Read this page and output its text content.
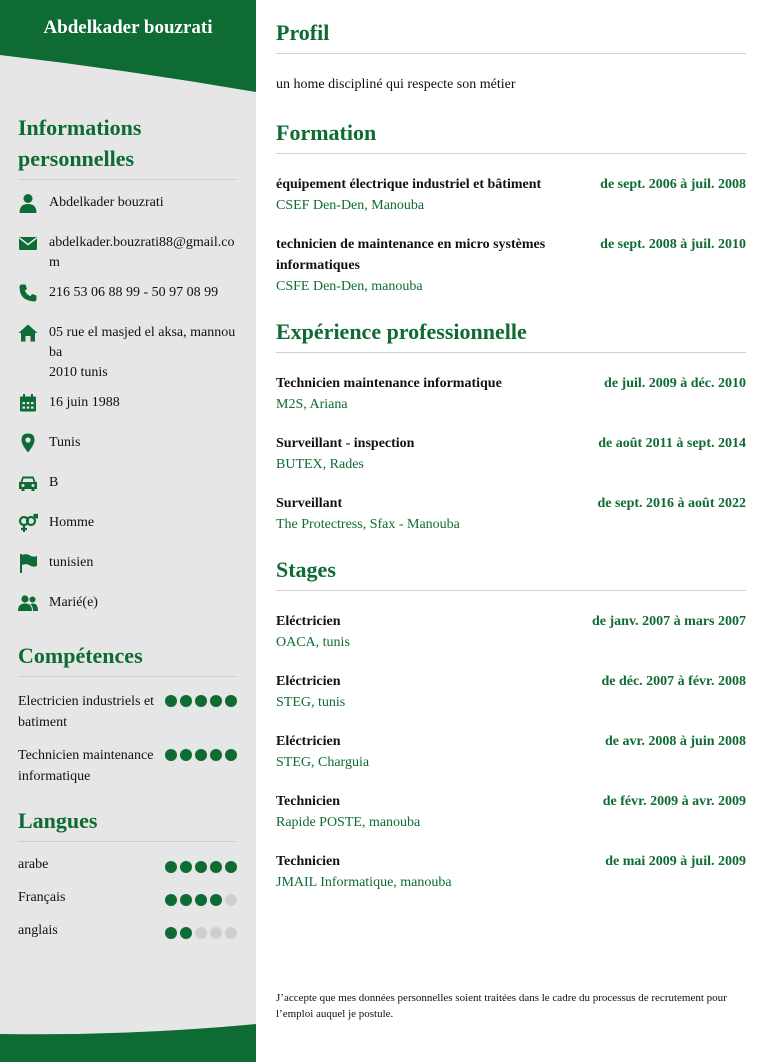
Abdelkader bouzrati
Informations personnelles
Abdelkader bouzrati
abdelkader.bouzrati88@gmail.com
216 53 06 88 99 - 50 97 08 99
05 rue el masjed el aksa, mannouba
2010 tunis
16 juin 1988
Tunis
B
Homme
tunisien
Marié(e)
Compétences
Electricien industriels et batiment
Technicien maintenance informatique
Langues
arabe
Français
anglais
Profil

un home discipliné qui respecte son métier

Formation
équipement électrique industriel et bâtiment	de sept. 2006 à juil. 2008
CSEF Den-Den, Manouba
technicien de maintenance en micro systèmes informatiques
de sept. 2008 à juil. 2010
CSFE Den-Den, manouba
Expérience professionnelle
Technicien maintenance informatique	de juil. 2009 à déc. 2010
M2S, Ariana
Surveillant - inspection	de août 2011 à sept. 2014
BUTEX, Rades
Surveillant	de sept. 2016 à août 2022
The Protectress, Sfax - Manouba
Stages
Eléctricien	de janv. 2007 à mars 2007
OACA, tunis
Eléctricien	de déc. 2007 à févr. 2008
STEG, tunis
Eléctricien	de avr. 2008 à juin 2008
STEG, Charguia
Technicien	de févr. 2009 à avr. 2009
Rapide POSTE, manouba
Technicien	de mai 2009 à juil. 2009
JMAIL Informatique, manouba

J’accepte que mes données personnelles soient traitées dans le cadre du processus de recrutement pour l’emploi auquel je postule.
